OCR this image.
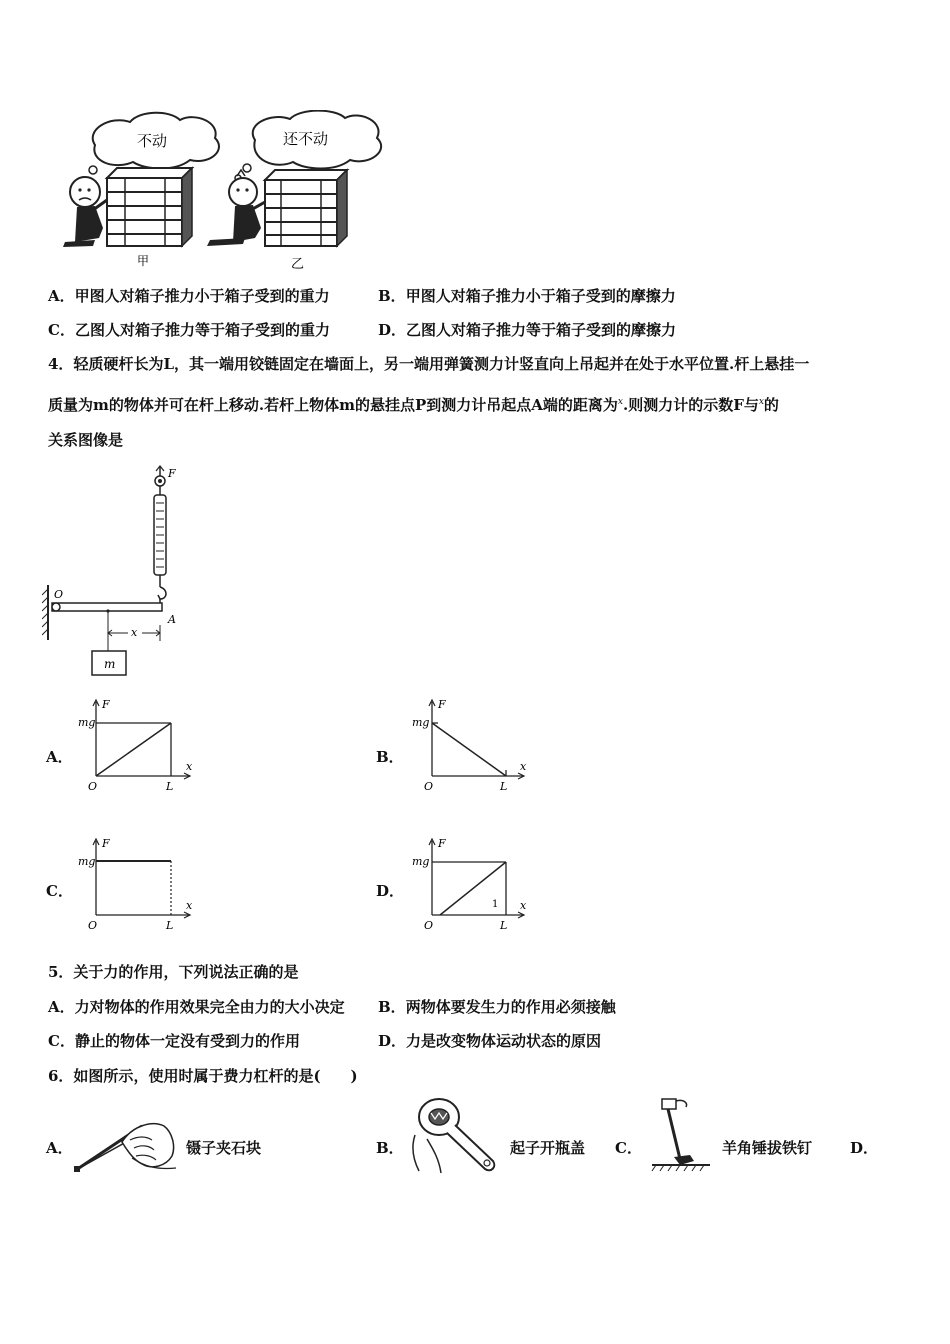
不动	还不动
甲	乙
A．甲图人对箱子推力小于箱子受到的重力	B．甲图人对箱子推力小于箱子受到的摩擦力
C．乙图人对箱子推力等于箱子受到的重力	D．乙图人对箱子推力等于箱子受到的摩擦力
4．轻质硬杆长为L，其一端用铰链固定在墙面上，另一端用弹簧测力计竖直向上吊起并在处于水平位置.杆上悬挂一
质量为m的物体并可在杆上移动.若杆上物体m的悬挂点P到测力计吊起点A端的距离为$^x$.则测力计的示数F与$^x$的
关系图像是
O
A
F
m
x
A．
F
x
mg
O	L
B．
F
x
mg
O	L
C．
F
x
mg
O	L
D．
F
x
mg
O	L
1
5．关于力的作用，下列说法正确的是
A．力对物体的作用效果完全由力的大小决定 B．两物体要发生力的作用必须接触
C．静止的物体一定没有受到力的作用	D．力是改变物体运动状态的原因
6．如图所示，使用时属于费力杠杆的是(　　)
A．	镊子夹石块	B．	起子开瓶盖 C．	羊角锤拔铁钉	D．
